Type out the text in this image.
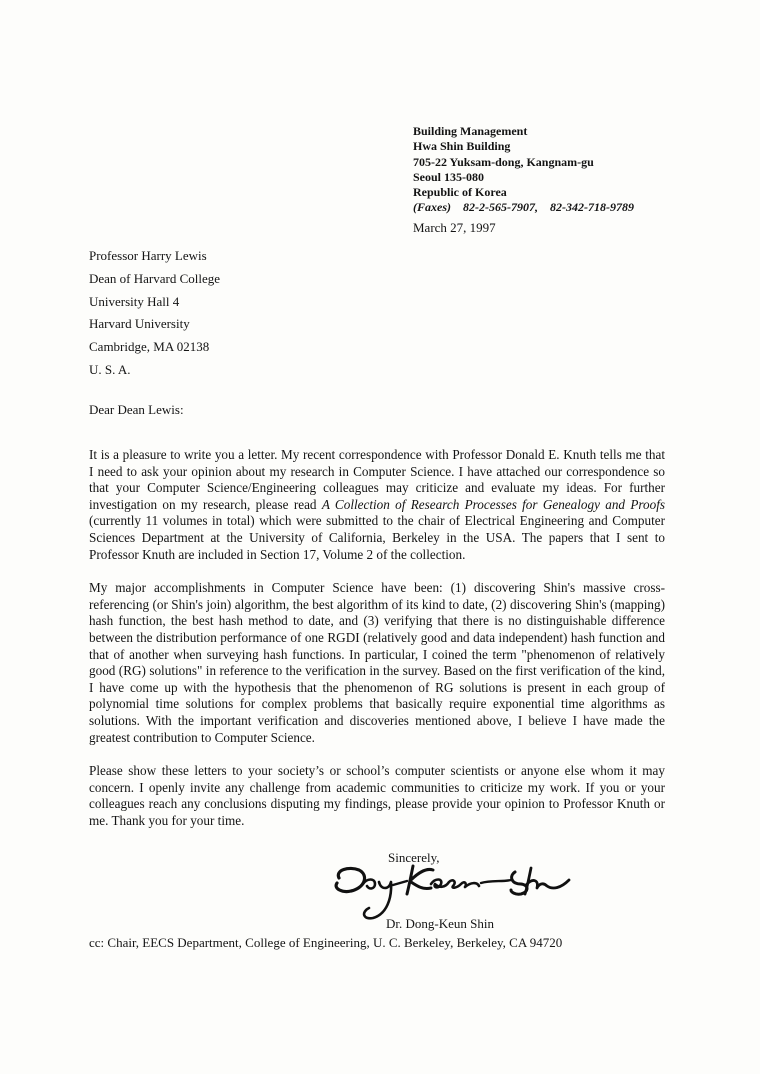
Building Management
Hwa Shin Building
705-22 Yuksam-dong, Kangnam-gu
Seoul 135-080
Republic of Korea
(Faxes) 82-2-565-7907, 82-342-718-9789
March 27, 1997
Professor Harry Lewis
Dean of Harvard College
University Hall 4
Harvard University
Cambridge, MA 02138
U. S. A.
Dear Dean Lewis:

It is a pleasure to write you a letter. My recent correspondence with Professor Donald E. Knuth tells me that I need to ask your opinion about my research in Computer Science. I have attached our correspondence so that your Computer Science/Engineering colleagues may criticize and evaluate my ideas. For further investigation on my research, please read A Collection of Research Processes for Genealogy and Proofs (currently 11 volumes in total) which were submitted to the chair of Electrical Engineering and Computer Sciences Department at the University of California, Berkeley in the USA. The papers that I sent to Professor Knuth are included in Section 17, Volume 2 of the collection.

My major accomplishments in Computer Science have been: (1) discovering Shin's massive cross-referencing (or Shin's join) algorithm, the best algorithm of its kind to date, (2) discovering Shin's (mapping) hash function, the best hash method to date, and (3) verifying that there is no distinguishable difference between the distribution performance of one RGDI (relatively good and data independent) hash function and that of another when surveying hash functions. In particular, I coined the term "phenomenon of relatively good (RG) solutions" in reference to the verification in the survey. Based on the first verification of the kind, I have come up with the hypothesis that the phenomenon of RG solutions is present in each group of polynomial time solutions for complex problems that basically require exponential time algorithms as solutions. With the important verification and discoveries mentioned above, I believe I have made the greatest contribution to Computer Science.

Please show these letters to your society’s or school’s computer scientists or anyone else whom it may concern. I openly invite any challenge from academic communities to criticize my work. If you or your colleagues reach any conclusions disputing my findings, please provide your opinion to Professor Knuth or me. Thank you for your time.

Sincerely,
Dr. Dong-Keun Shin
cc: Chair, EECS Department, College of Engineering, U. C. Berkeley, Berkeley, CA 94720
